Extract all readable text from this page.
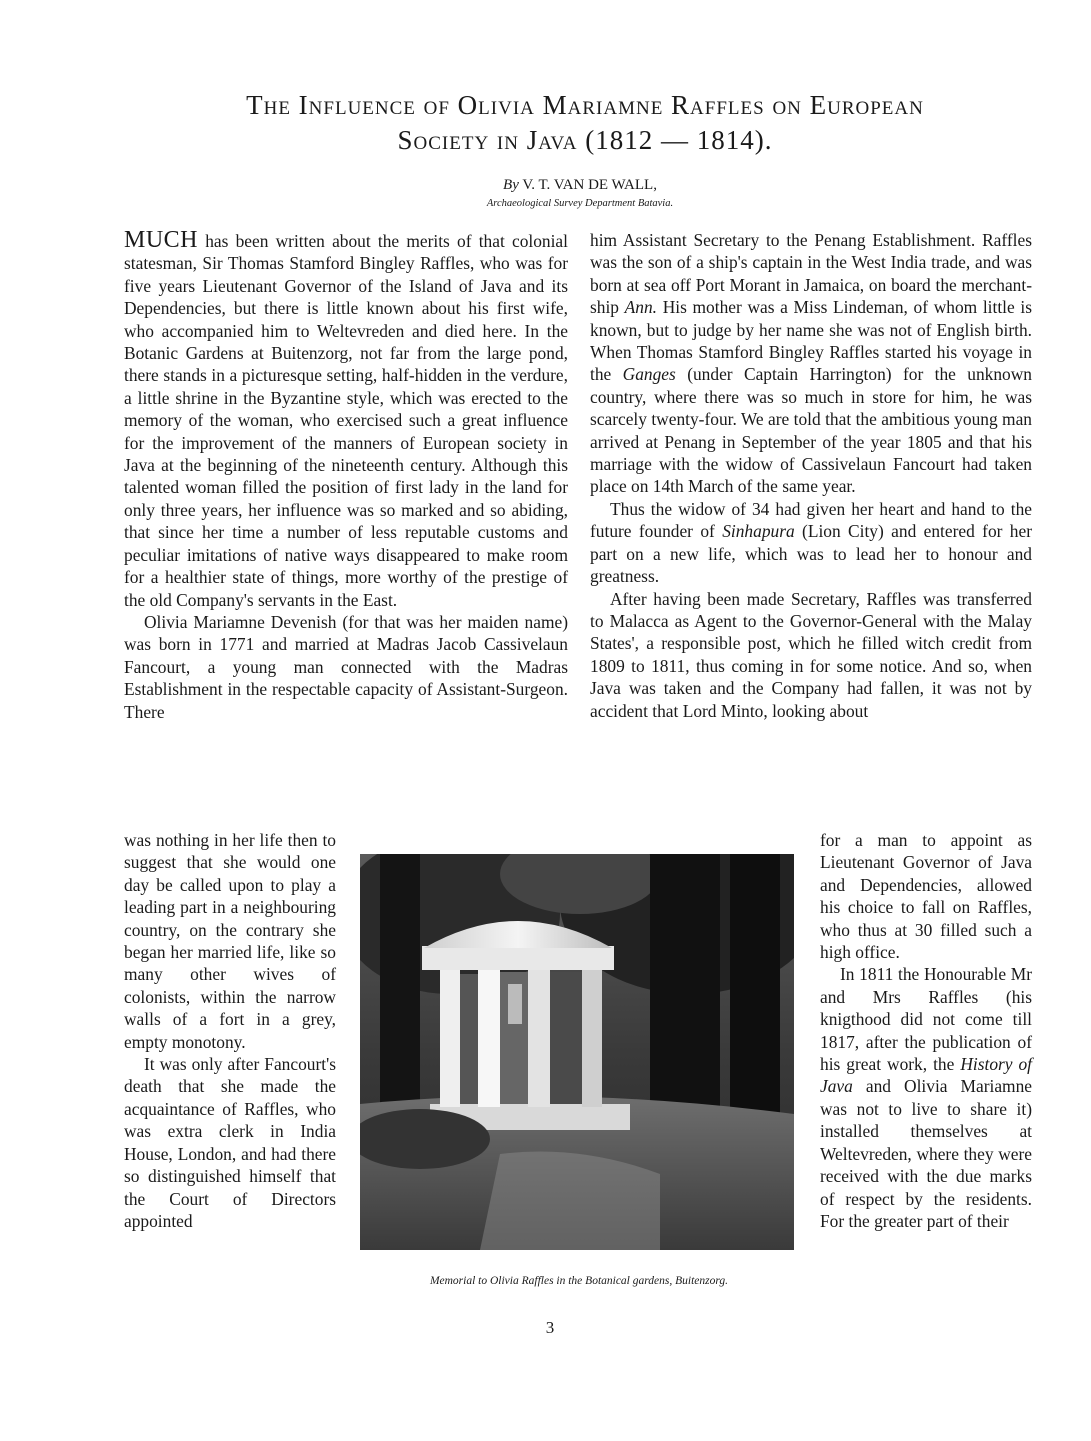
The Influence of Olivia Mariamne Raffles on European
Society in Java (1812 — 1814).
By V. T. VAN DE WALL,
Archaeological Survey Department Batavia.

MUCH has been written about the merits of that colonial statesman, Sir Thomas Stamford Bingley Raffles, who was for five years Lieutenant Governor of the Island of Java and its Dependencies, but there is little known about his first wife, who accompanied him to Weltevreden and died here. In the Botanic Gardens at Buitenzorg, not far from the large pond, there stands in a picturesque setting, half-hidden in the verdure, a little shrine in the Byzantine style, which was erected to the memory of the woman, who exercised such a great influence for the improvement of the manners of European society in Java at the beginning of the nineteenth century. Although this talented woman filled the position of first lady in the land for only three years, her influence was so marked and so abiding, that since her time a number of less reputable customs and peculiar imitations of native ways disappeared to make room for a healthier state of things, more worthy of the prestige of the old Company's servants in the East.

Olivia Mariamne Devenish (for that was her maiden name) was born in 1771 and married at Madras Jacob Cassivelaun Fancourt, a young man connected with the Madras Establishment in the respectable capacity of Assistant-Surgeon. There

was nothing in her life then to suggest that she would one day be called upon to play a leading part in a neighbouring country, on the contrary she began her married life, like so many other wives of colonists, within the narrow walls of a fort in a grey, empty monotony.

It was only after Fancourt's death that she made the acquaintance of Raffles, who was extra clerk in India House, London, and had there so distinguished himself that the Court of Directors appointed

him Assistant Secretary to the Penang Establishment. Raffles was the son of a ship's captain in the West India trade, and was born at sea off Port Morant in Jamaica, on board the merchant-ship Ann. His mother was a Miss Lindeman, of whom little is known, but to judge by her name she was not of English birth. When Thomas Stamford Bingley Raffles started his voyage in the Ganges (under Captain Harrington) for the unknown country, where there was so much in store for him, he was scarcely twenty-four. We are told that the ambitious young man arrived at Penang in September of the year 1805 and that his marriage with the widow of Cassivelaun Fancourt had taken place on 14th March of the same year.

Thus the widow of 34 had given her heart and hand to the future founder of Sinhapura (Lion City) and entered for her part on a new life, which was to lead her to honour and greatness.

After having been made Secretary, Raffles was transferred to Malacca as Agent to the Governor-General with the Malay States', a responsible post, which he filled witch credit from 1809 to 1811, thus coming in for some notice. And so, when Java was taken and the Company had fallen, it was not by accident that Lord Minto, looking about

for a man to appoint as Lieutenant Governor of Java and Dependencies, allowed his choice to fall on Raffles, who thus at 30 filled such a high office.

In 1811 the Honourable Mr and Mrs Raffles (his knigthood did not come till 1817, after the publication of his great work, the History of Java and Olivia Mariamne was not to live to share it) installed themselves at Weltevreden, where they were received with the due marks of respect by the residents. For the greater part of their

Memorial to Olivia Raffles in the Botanical gardens, Buitenzorg.
3
